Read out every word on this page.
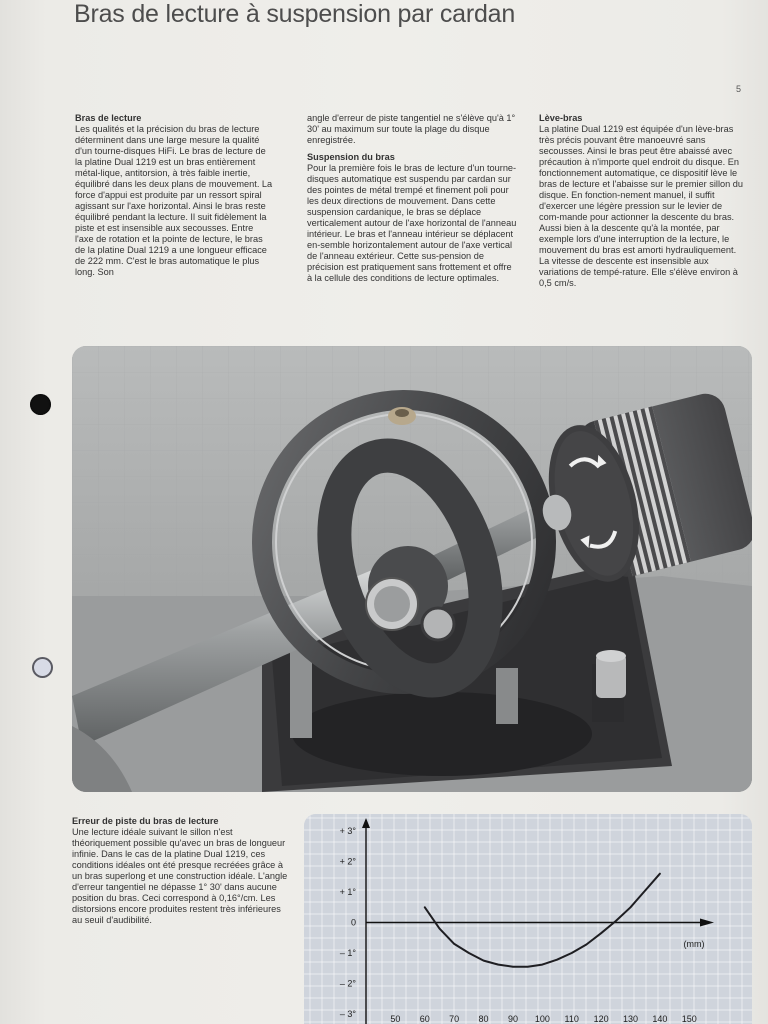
Bras de lecture à suspension par cardan
5
Bras de lecture

Les qualités et la précision du bras de lecture déterminent dans une large mesure la qualité d'un tourne-disques HiFi. Le bras de lecture de la platine Dual 1219 est un bras entièrement métal-lique, antitorsion, à très faible inertie, équilibré dans les deux plans de mouvement. La force d'appui est produite par un ressort spiral agissant sur l'axe horizontal. Ainsi le bras reste équilibré pendant la lecture. Il suit fidèlement la piste et est insensible aux secousses. Entre l'axe de rotation et la pointe de lecture, le bras de la platine Dual 1219 a une longueur efficace de 222 mm. C'est le bras automatique le plus long. Son

angle d'erreur de piste tangentiel ne s'élève qu'à 1° 30' au maximum sur toute la plage du disque enregistrée.

Suspension du bras

Pour la première fois le bras de lecture d'un tourne-disques automatique est suspendu par cardan sur des pointes de métal trempé et finement poli pour les deux directions de mouvement. Dans cette suspension cardanique, le bras se déplace verticalement autour de l'axe horizontal de l'anneau intérieur. Le bras et l'anneau intérieur se déplacent en-semble horizontalement autour de l'axe vertical de l'anneau extérieur. Cette sus-pension de précision est pratiquement sans frottement et offre à la cellule des conditions de lecture optimales.

Lève-bras

La platine Dual 1219 est équipée d'un lève-bras très précis pouvant être manoeuvré sans secousses. Ainsi le bras peut être abaissé avec précaution à n'importe quel endroit du disque. En fonctionnement automatique, ce dispositif lève le bras de lecture et l'abaisse sur le premier sillon du disque. En fonction-nement manuel, il suffit d'exercer une légère pression sur le levier de com-mande pour actionner la descente du bras.

Aussi bien à la descente qu'à la montée, par exemple lors d'une interruption de la lecture, le mouvement du bras est amorti hydrauliquement. La vitesse de descente est insensible aux variations de tempé-rature. Elle s'élève environ à 0,5 cm/s.

Erreur de piste du bras de lecture

Une lecture idéale suivant le sillon n'est théoriquement possible qu'avec un bras de longueur infinie. Dans le cas de la platine Dual 1219, ces conditions idéales ont été presque recréées grâce à un bras superlong et une construction idéale. L'angle d'erreur tangentiel ne dépasse 1° 30' dans aucune position du bras. Ceci correspond à 0,16°/cm. Les distorsions encore produites restent très inférieures au seuil d'audibilité.

+ 3°
+ 2°
+ 1°
0
– 1°
– 2°
– 3°	50 60 70 80 90 100 110 120 130 140 150
(mm)
